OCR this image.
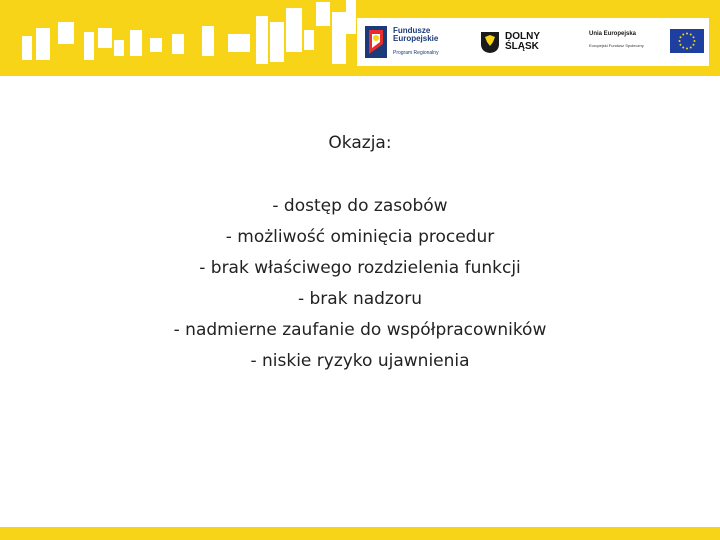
Fundusze
Europejskie
Program Regionalny
DOLNY
ŚLĄSK
Unia Europejska
Europejski Fundusz Społeczny
Okazja:
- dostęp do zasobów
- możliwość ominięcia procedur
- brak właściwego rozdzielenia funkcji
- brak nadzoru
- nadmierne zaufanie do współpracowników
- niskie ryzyko ujawnienia
